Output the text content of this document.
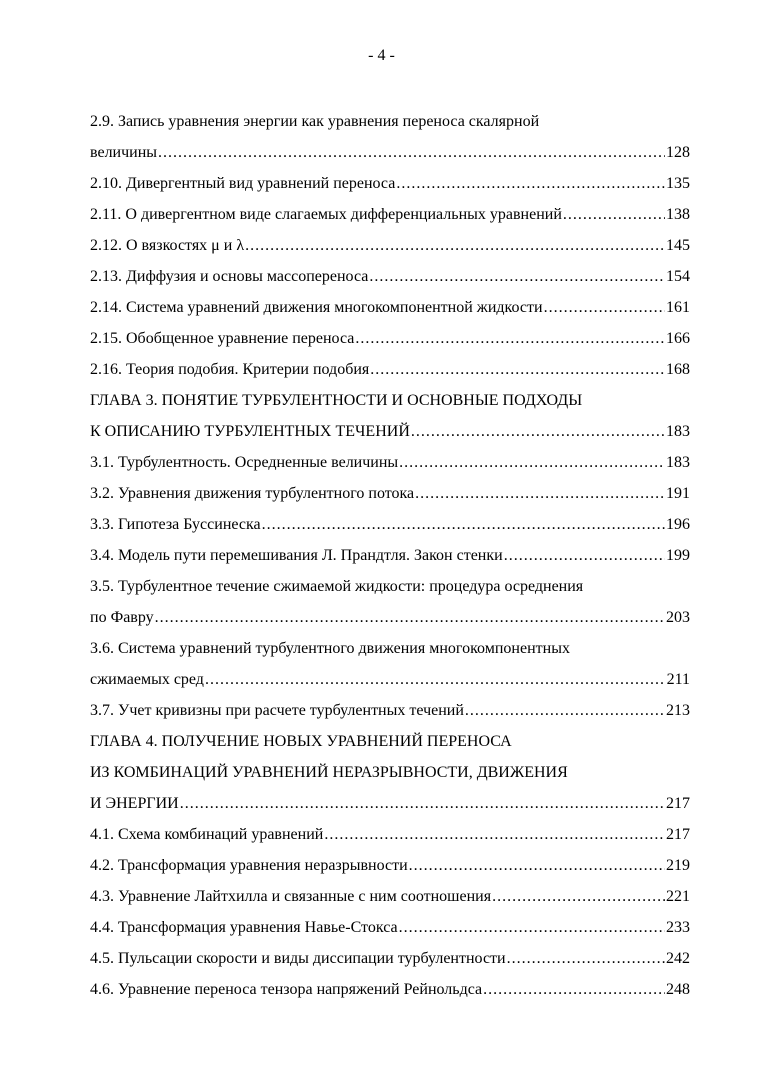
- 4 -
2.9. Запись уравнения энергии как уравнения переноса скалярной
величины .....	128
2.10. Дивергентный вид уравнений переноса .....	135
2.11. О дивергентном виде слагаемых дифференциальных уравнений .....	138
2.12. О вязкостях μ и λ .....	145
2.13. Диффузия и основы массопереноса .....	154
2.14. Система уравнений движения многокомпонентной жидкости .....	161
2.15. Обобщенное уравнение переноса .....	166
2.16. Теория подобия. Критерии подобия .....	168
ГЛАВА 3. ПОНЯТИЕ ТУРБУЛЕНТНОСТИ И ОСНОВНЫЕ ПОДХОДЫ
К ОПИСАНИЮ ТУРБУЛЕНТНЫХ ТЕЧЕНИЙ .....	183
3.1. Турбулентность. Осредненные величины .....	183
3.2. Уравнения движения турбулентного потока .....	191
3.3. Гипотеза Буссинеска .....	196
3.4. Модель пути перемешивания Л. Прандтля. Закон стенки .....	199
3.5. Турбулентное течение сжимаемой жидкости: процедура осреднения
по Фавру .....	203
3.6. Система уравнений турбулентного движения многокомпонентных
сжимаемых сред .....	211
3.7. Учет кривизны при расчете турбулентных течений .....	213
ГЛАВА 4. ПОЛУЧЕНИЕ НОВЫХ УРАВНЕНИЙ ПЕРЕНОСА
ИЗ КОМБИНАЦИЙ УРАВНЕНИЙ НЕРАЗРЫВНОСТИ, ДВИЖЕНИЯ
И ЭНЕРГИИ .....	217
4.1. Схема комбинаций уравнений .....	217
4.2. Трансформация уравнения неразрывности .....	219
4.3. Уравнение Лайтхилла и связанные с ним соотношения .....	221
4.4. Трансформация уравнения Навье-Стокса .....	233
4.5. Пульсации скорости и виды диссипации турбулентности .....	242
4.6. Уравнение переноса тензора напряжений Рейнольдса .....	248
